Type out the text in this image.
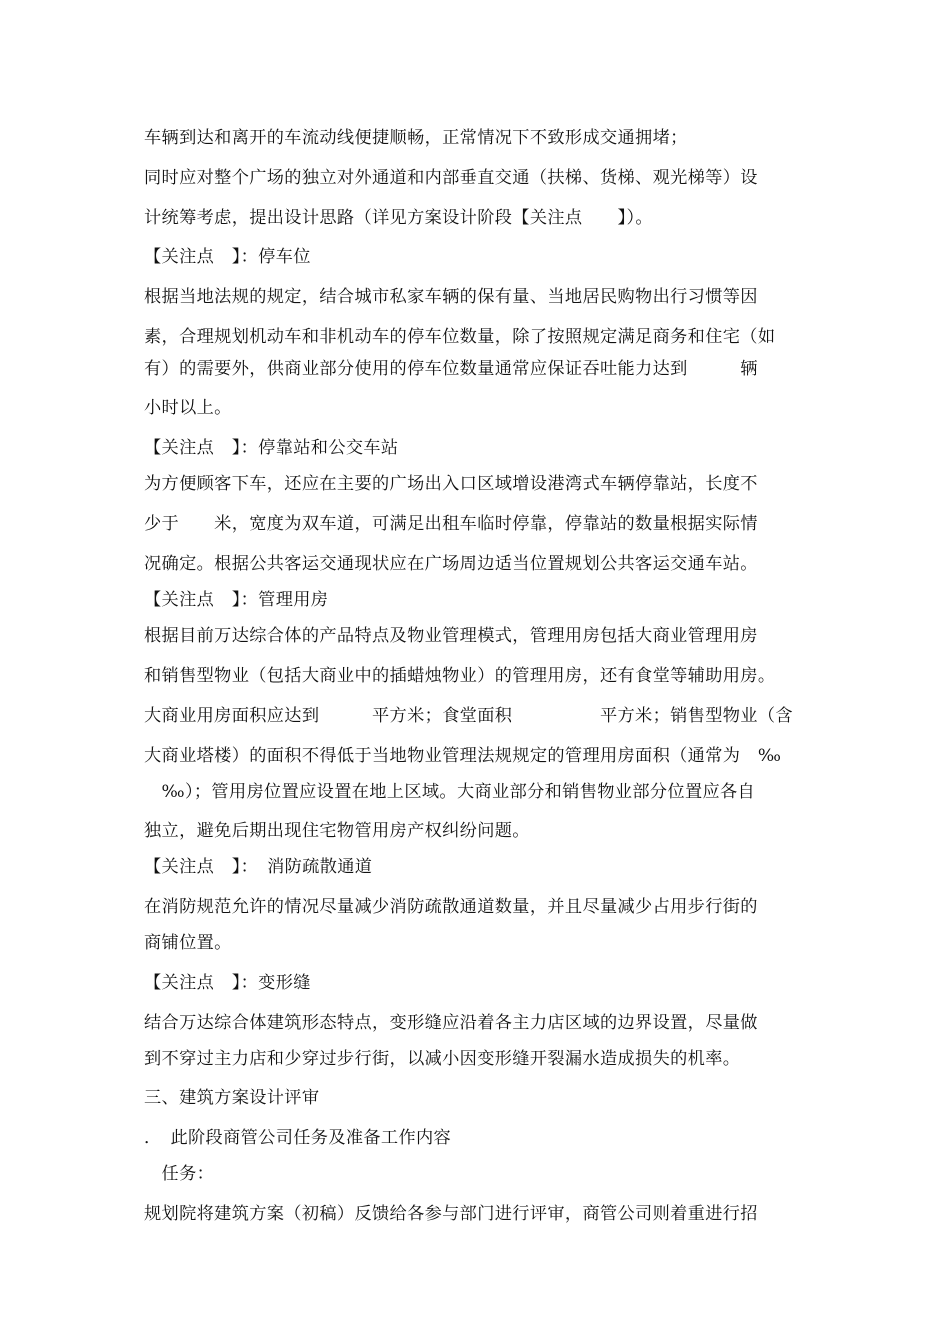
车辆到达和离开的车流动线便捷顺畅，正常情况下不致形成交通拥堵；
同时应对整个广场的独立对外通道和内部垂直交通（扶梯、货梯、观光梯等）设
计统筹考虑，提出设计思路（详见方案设计阶段【关注点　　】）。
【关注点　】：停车位
根据当地法规的规定，结合城市私家车辆的保有量、当地居民购物出行习惯等因
素，合理规划机动车和非机动车的停车位数量，除了按照规定满足商务和住宅（如
有）的需要外，供商业部分使用的停车位数量通常应保证吞吐能力达到　　　辆
小时以上。
【关注点　】：停靠站和公交车站
为方便顾客下车，还应在主要的广场出入口区域增设港湾式车辆停靠站，长度不
少于　　米，宽度为双车道，可满足出租车临时停靠，停靠站的数量根据实际情
况确定。根据公共客运交通现状应在广场周边适当位置规划公共客运交通车站。
【关注点　】：管理用房
根据目前万达综合体的产品特点及物业管理模式，管理用房包括大商业管理用房
和销售型物业（包括大商业中的插蜡烛物业）的管理用房，还有食堂等辅助用房。
大商业用房面积应达到　　　平方米；食堂面积　　　　　平方米；销售型物业（含
大商业塔楼）的面积不得低于当地物业管理法规规定的管理用房面积（通常为　‰
　‰）；管用房位置应设置在地上区域。大商业部分和销售物业部分位置应各自
独立，避免后期出现住宅物管用房产权纠纷问题。
【关注点　】：　消防疏散通道
在消防规范允许的情况尽量减少消防疏散通道数量，并且尽量减少占用步行街的
商铺位置。
【关注点　】：变形缝
结合万达综合体建筑形态特点，变形缝应沿着各主力店区域的边界设置，尽量做
到不穿过主力店和少穿过步行街，以减小因变形缝开裂漏水造成损失的机率。
三、建筑方案设计评审
．　此阶段商管公司任务及准备工作内容
　任务：
规划院将建筑方案（初稿）反馈给各参与部门进行评审，商管公司则着重进行招
